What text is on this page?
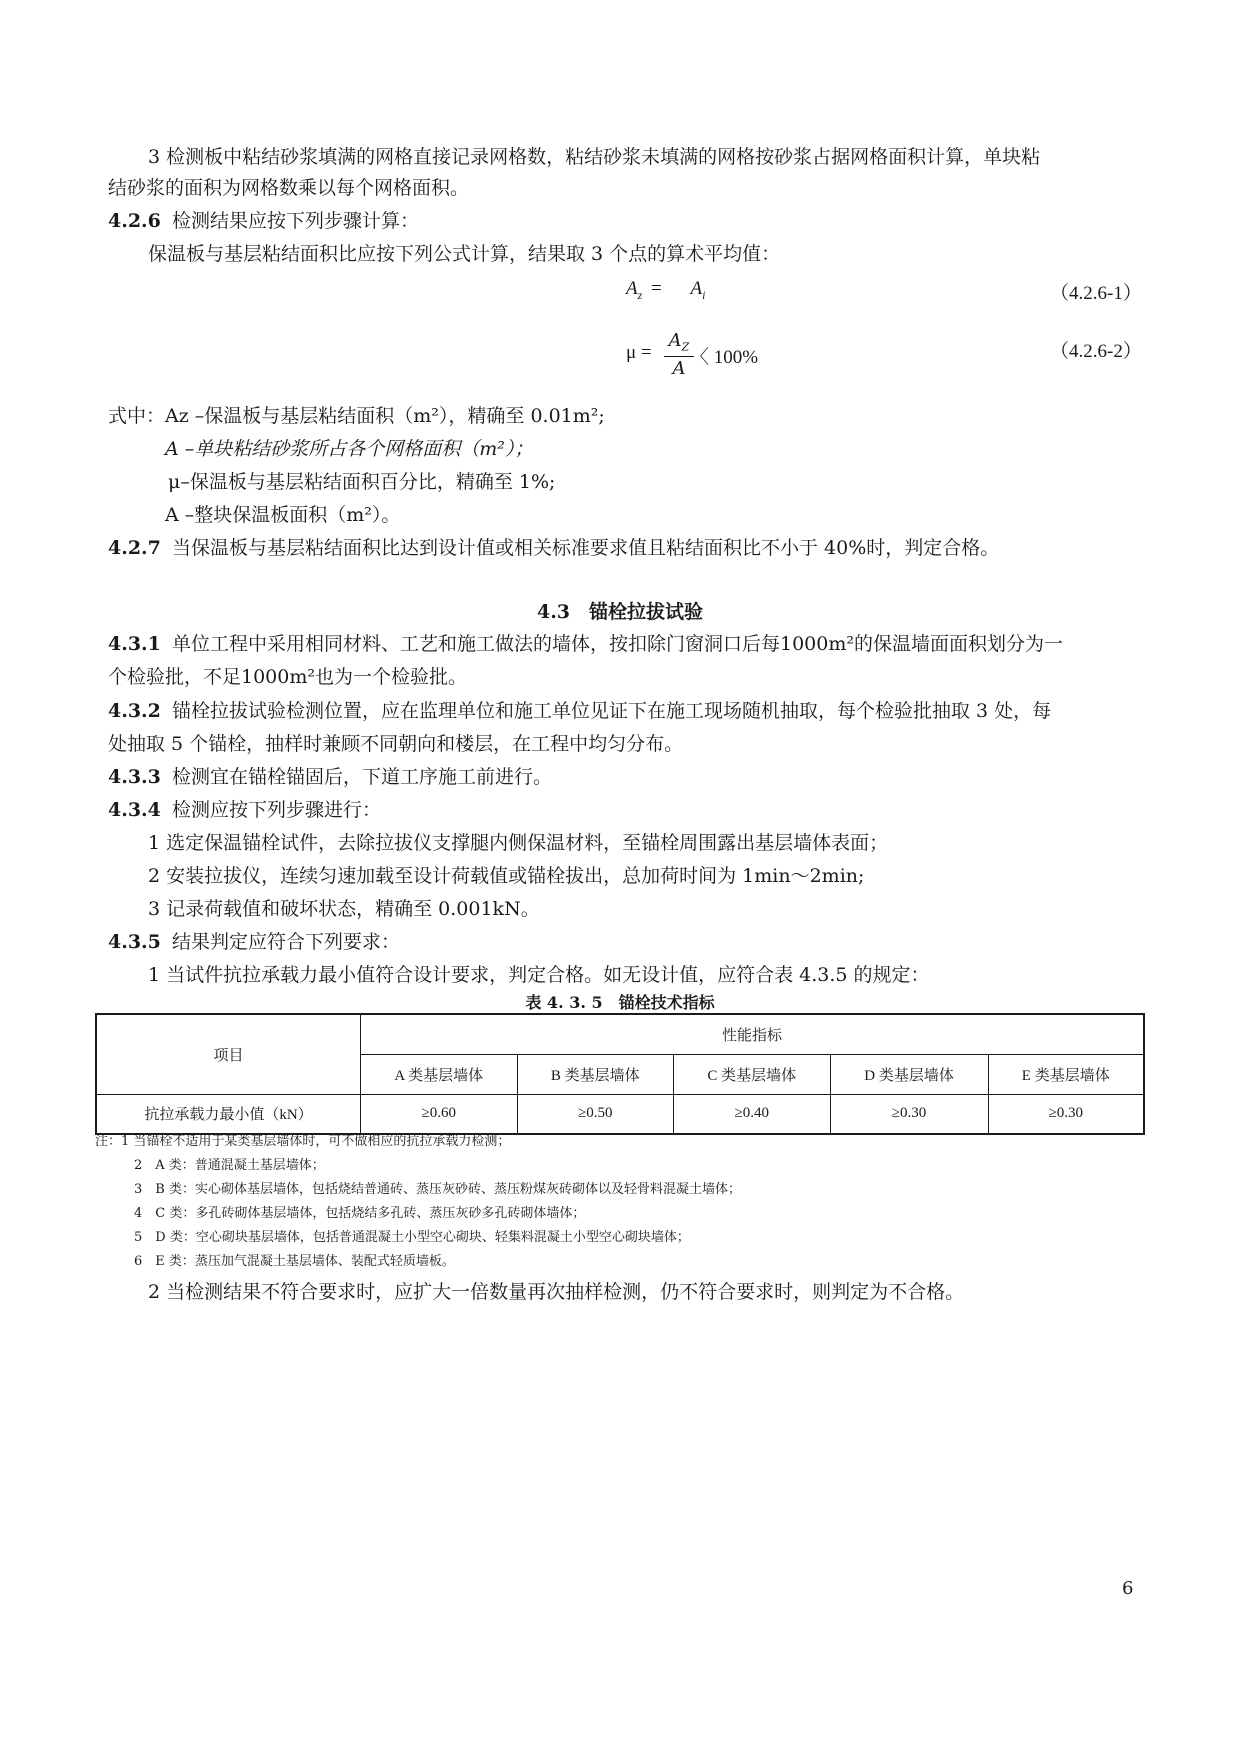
3 检测板中粘结砂浆填满的网格直接记录网格数，粘结砂浆未填满的网格按砂浆占据网格面积计算，单块粘
结砂浆的面积为网格数乘以每个网格面积。
4.2.6 检测结果应按下列步骤计算：
保温板与基层粘结面积比应按下列公式计算，结果取 3 个点的算术平均值：
$A_z = A_i$	（4.2.6-1）
μ =
$A_Z$
A
〈 100%	（4.2.6-2）
式中：Az –保温板与基层粘结面积（m²），精确至 0.01m²;
A –单块粘结砂浆所占各个网格面积（m²）；
μ–保温板与基层粘结面积百分比，精确至 1%;
A –整块保温板面积（m²）。
4.2.7 当保温板与基层粘结面积比达到设计值或相关标准要求值且粘结面积比不小于 40%时，判定合格。
4.3　锚栓拉拔试验
4.3.1 单位工程中采用相同材料、工艺和施工做法的墙体，按扣除门窗洞口后每1000m²的保温墙面面积划分为一
个检验批，不足1000m²也为一个检验批。
4.3.2 锚栓拉拔试验检测位置，应在监理单位和施工单位见证下在施工现场随机抽取，每个检验批抽取 3 处，每
处抽取 5 个锚栓，抽样时兼顾不同朝向和楼层，在工程中均匀分布。
4.3.3 检测宜在锚栓锚固后，下道工序施工前进行。
4.3.4 检测应按下列步骤进行：
1 选定保温锚栓试件，去除拉拔仪支撑腿内侧保温材料，至锚栓周围露出基层墙体表面；
2 安装拉拔仪，连续匀速加载至设计荷载值或锚栓拔出，总加荷时间为 1min～2min;
3 记录荷载值和破坏状态，精确至 0.001kN。
4.3.5 结果判定应符合下列要求：
1 当试件抗拉承载力最小值符合设计要求，判定合格。如无设计值，应符合表 4.3.5 的规定：
表 4. 3. 5　锚栓技术指标
项目	性能指标				
	A 类基层墙体	B 类基层墙体	C 类基层墙体	D 类基层墙体	E 类基层墙体
抗拉承载力最小值（kN）	≥0.60	≥0.50	≥0.40	≥0.30	≥0.30
注：1 当锚栓不适用于某类基层墙体时，可不做相应的抗拉承载力检测；
2　A 类：普通混凝土基层墙体；
3　B 类：实心砌体基层墙体，包括烧结普通砖、蒸压灰砂砖、蒸压粉煤灰砖砌体以及轻骨料混凝土墙体；
4　C 类：多孔砖砌体基层墙体，包括烧结多孔砖、蒸压灰砂多孔砖砌体墙体；
5　D 类：空心砌块基层墙体，包括普通混凝土小型空心砌块、轻集料混凝土小型空心砌块墙体；
6　E 类：蒸压加气混凝土基层墙体、装配式轻质墙板。
2 当检测结果不符合要求时，应扩大一倍数量再次抽样检测，仍不符合要求时，则判定为不合格。
6
